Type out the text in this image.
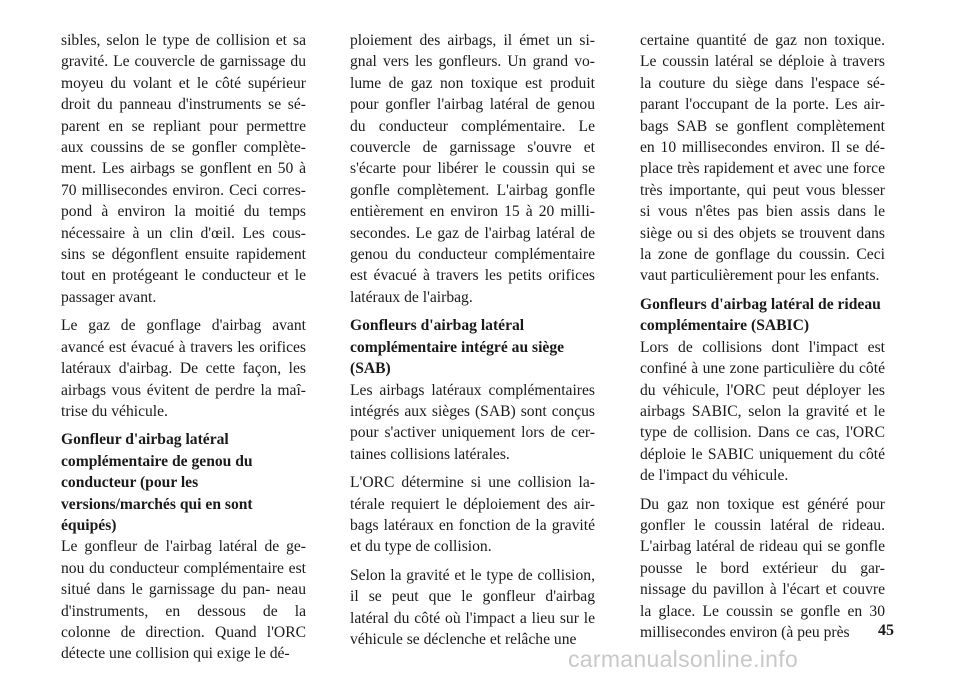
sibles, selon le type de collision et sa gravité. Le couvercle de garnissage du moyeu du volant et le côté supérieur droit du panneau d'instruments se sé- parent en se repliant pour permettre aux coussins de se gonfler complète- ment. Les airbags se gonflent en 50 à 70 millisecondes environ. Ceci corres- pond à environ la moitié du temps nécessaire à un clin d'œil. Les cous- sins se dégonflent ensuite rapidement tout en protégeant le conducteur et le passager avant.

Le gaz de gonflage d'airbag avant avancé est évacué à travers les orifices latéraux d'airbag. De cette façon, les airbags vous évitent de perdre la maî- trise du véhicule.

Gonfleur d'airbag latéral complémentaire de genou du conducteur (pour les versions/marchés qui en sont équipés)

Le gonfleur de l'airbag latéral de ge- nou du conducteur complémentaire est situé dans le garnissage du pan- neau d'instruments, en dessous de la colonne de direction. Quand l'ORC détecte une collision qui exige le dé-

ploiement des airbags, il émet un si- gnal vers les gonfleurs. Un grand vo- lume de gaz non toxique est produit pour gonfler l'airbag latéral de genou du conducteur complémentaire. Le couvercle de garnissage s'ouvre et s'écarte pour libérer le coussin qui se gonfle complètement. L'airbag gonfle entièrement en environ 15 à 20 milli- secondes. Le gaz de l'airbag latéral de genou du conducteur complémentaire est évacué à travers les petits orifices latéraux de l'airbag.

Gonfleurs d'airbag latéral complémentaire intégré au siège (SAB)

Les airbags latéraux complémentaires intégrés aux sièges (SAB) sont conçus pour s'activer uniquement lors de cer- taines collisions latérales.

L'ORC détermine si une collision la- térale requiert le déploiement des air- bags latéraux en fonction de la gravité et du type de collision.

Selon la gravité et le type de collision, il se peut que le gonfleur d'airbag latéral du côté où l'impact a lieu sur le véhicule se déclenche et relâche une

certaine quantité de gaz non toxique. Le coussin latéral se déploie à travers la couture du siège dans l'espace sé- parant l'occupant de la porte. Les air- bags SAB se gonflent complètement en 10 millisecondes environ. Il se dé- place très rapidement et avec une force très importante, qui peut vous blesser si vous n'êtes pas bien assis dans le siège ou si des objets se trouvent dans la zone de gonflage du coussin. Ceci vaut particulièrement pour les enfants.

Gonfleurs d'airbag latéral de rideau complémentaire (SABIC)

Lors de collisions dont l'impact est confiné à une zone particulière du côté du véhicule, l'ORC peut déployer les airbags SABIC, selon la gravité et le type de collision. Dans ce cas, l'ORC déploie le SABIC uniquement du côté de l'impact du véhicule.

Du gaz non toxique est généré pour gonfler le coussin latéral de rideau. L'airbag latéral de rideau qui se gonfle pousse le bord extérieur du gar- nissage du pavillon à l'écart et couvre la glace. Le coussin se gonfle en 30 millisecondes environ (à peu près	45
carmanualsonline.info
